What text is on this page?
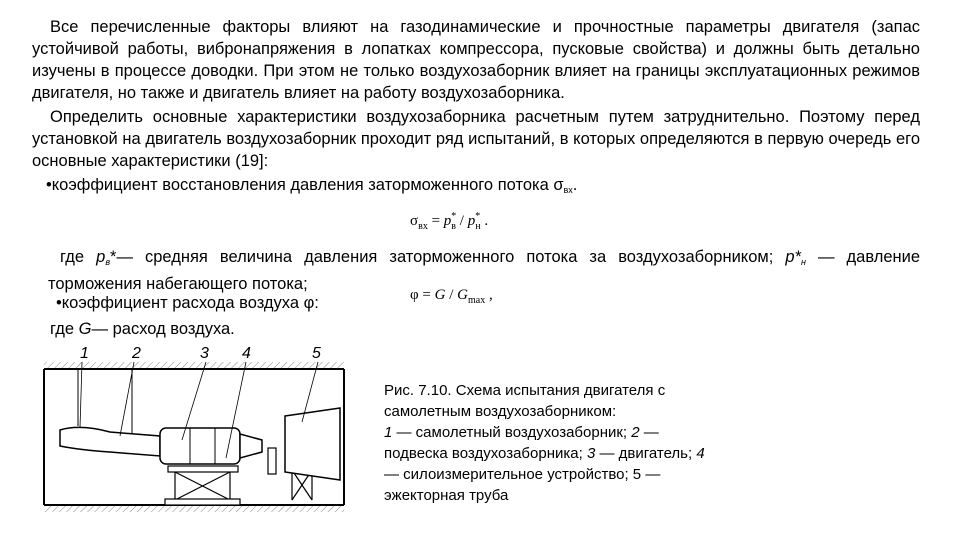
Все перечисленные факторы влияют на газодинамические и прочностные параметры двигателя (запас устойчивой работы, вибронапряжения в лопатках компрессора, пусковые свойства) и должны быть детально изучены в процессе доводки. При этом не только воздухозаборник влияет на границы эксплуатационных режимов двигателя, но также и двигатель влияет на работу воздухозаборника.
Определить основные характеристики воздухозаборника расчетным путем затруднительно. Поэтому перед установкой на двигатель воздухозаборник проходит ряд испытаний, в которых определяются в первую очередь его основные характеристики (19]:
•коэффициент восстановления давления заторможенного потока $\sigma_{вх}$.
$\sigma_{вх} = p^*_в / p^*_н$ .
где $p_в*—$ средняя величина давления заторможенного потока за воздухозаборником; $p*_н$ — давление
торможения набегающего потока;
•коэффициент расхода воздуха φ:	$\varphi = G / G_{max}$ ,
где G— расход воздуха.
1	2	3 4	5
Рис. 7.10. Схема испытания двигателя с
самолетным воздухозаборником:
1 — самолетный воздухозаборник; 2 —
подвеска воздухозаборника; 3 — двигатель; 4
— силоизмерительное устройство; 5 —
эжекторная труба
